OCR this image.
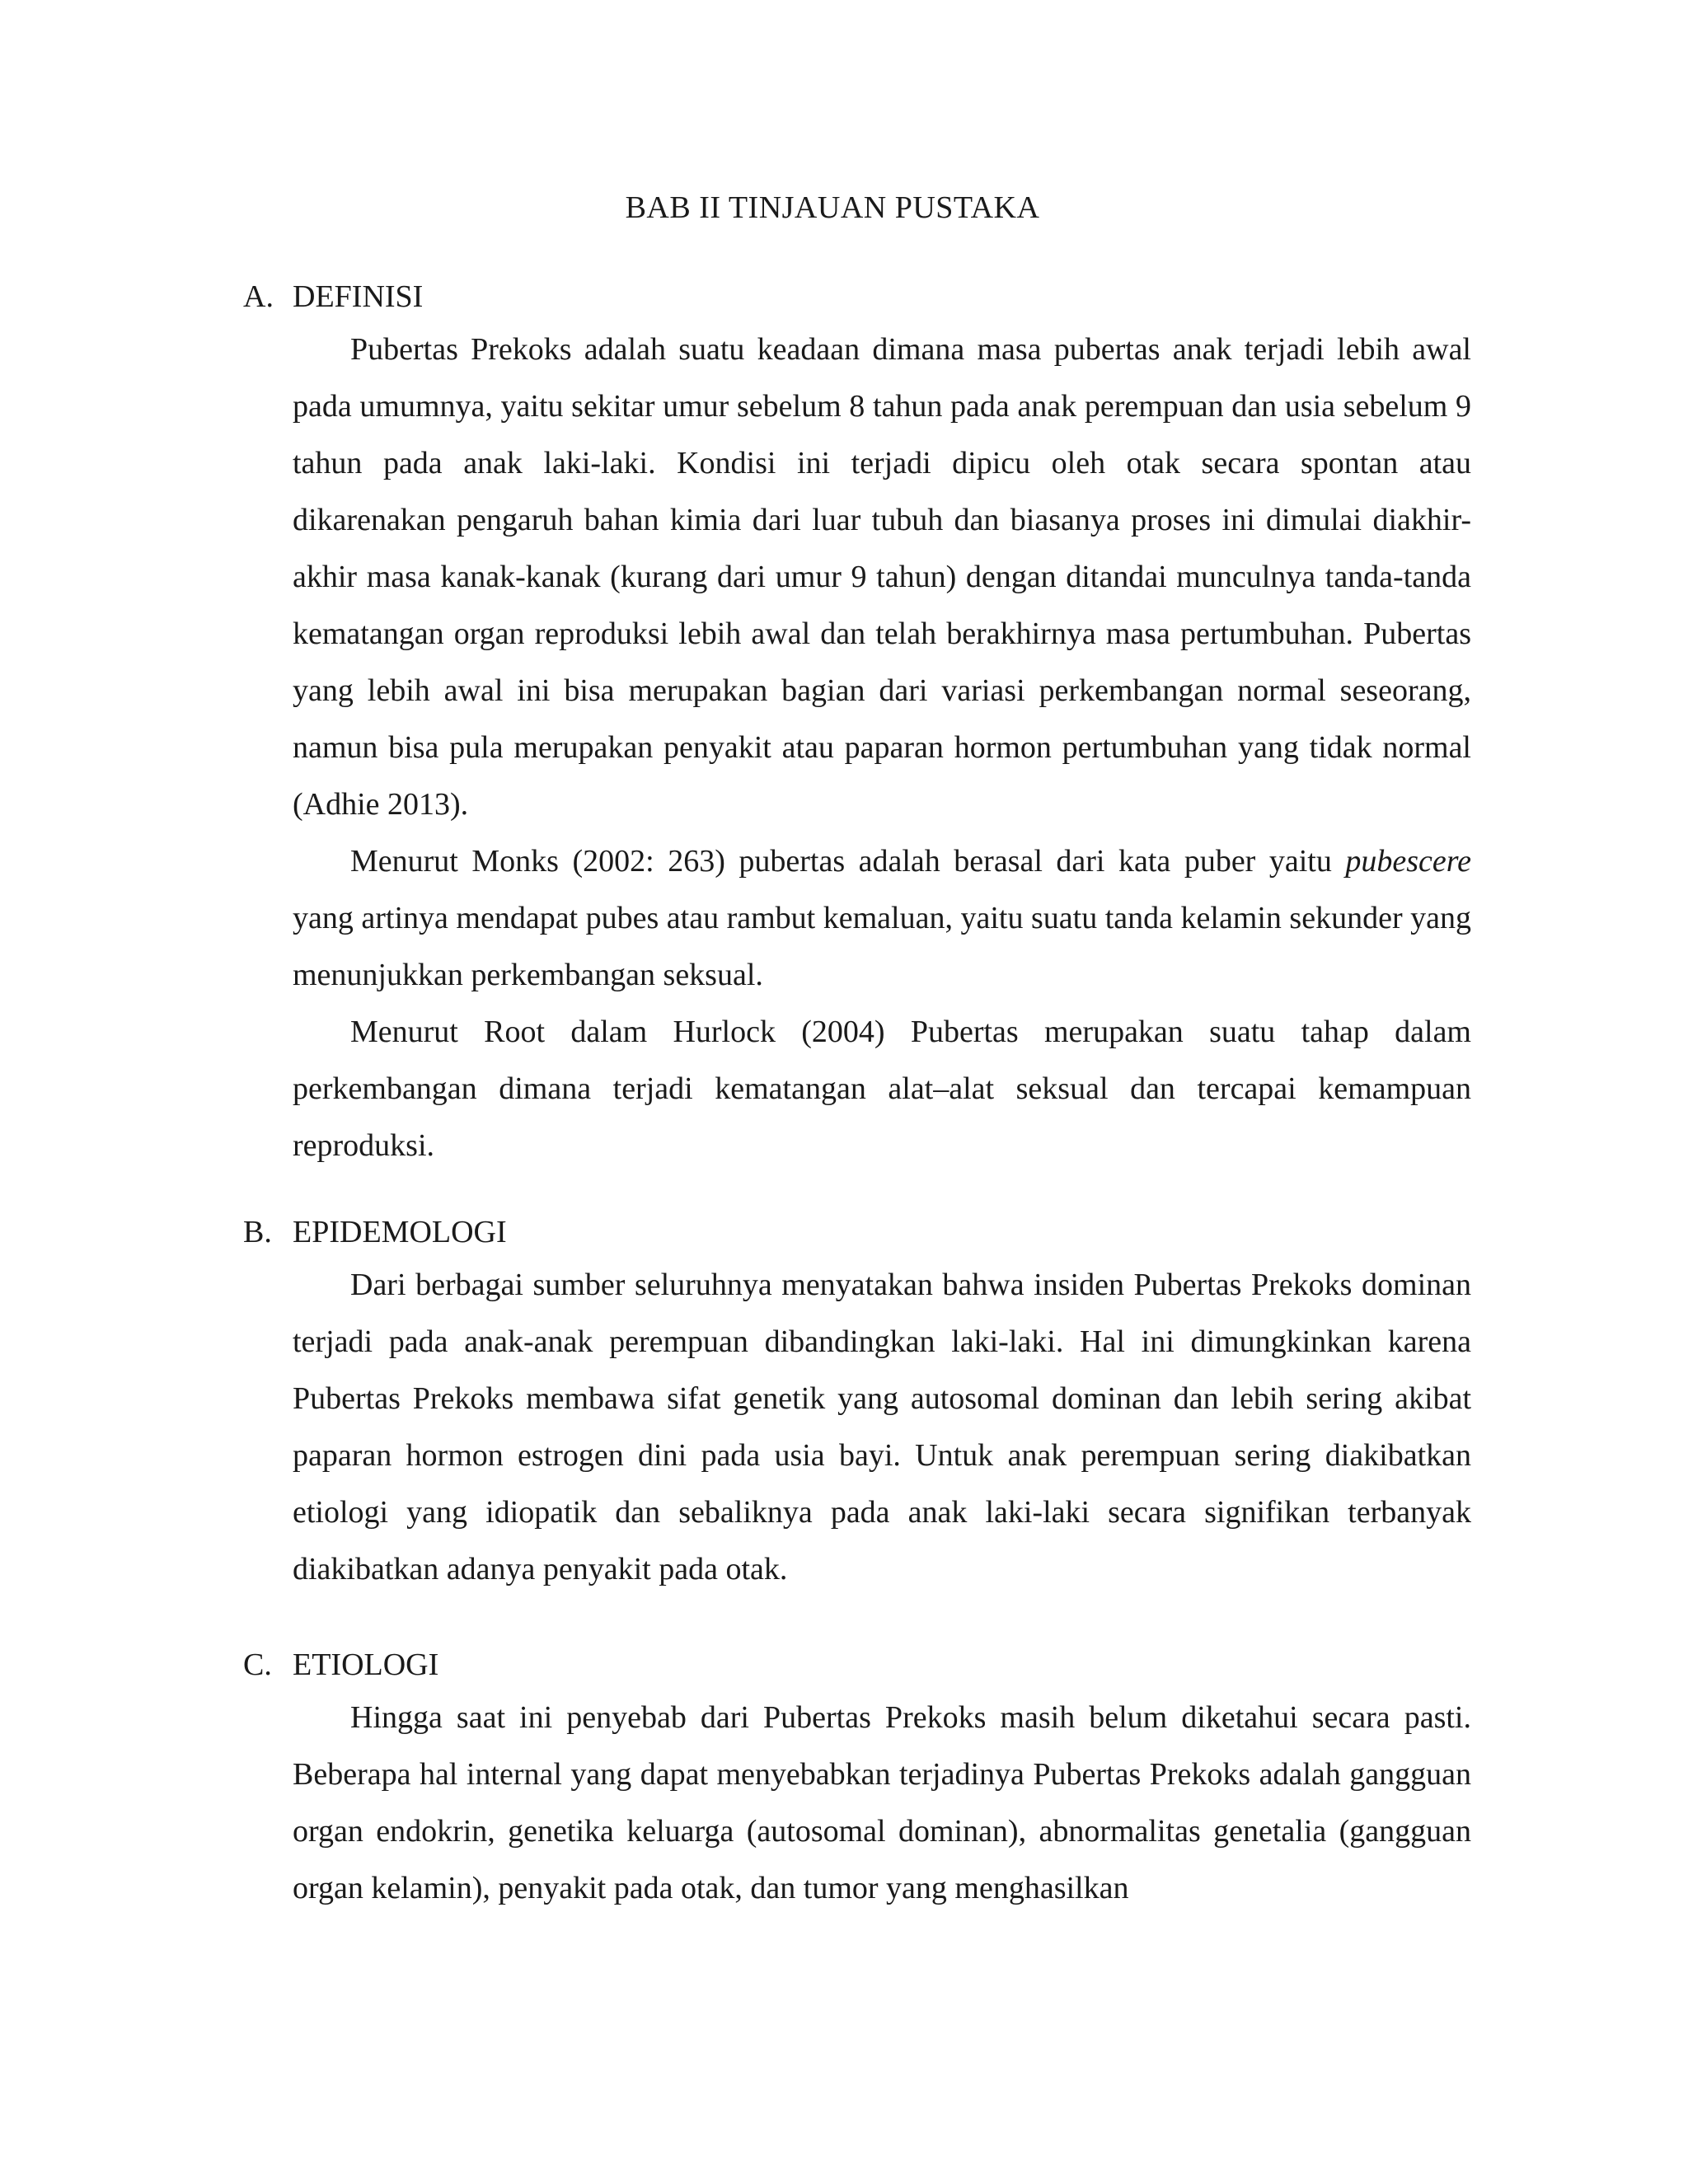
BAB II TINJAUAN PUSTAKA
A. DEFINISI

Pubertas Prekoks adalah suatu keadaan dimana masa pubertas anak terjadi lebih awal pada umumnya, yaitu sekitar umur sebelum 8 tahun pada anak perempuan dan usia sebelum 9 tahun pada anak laki-laki. Kondisi ini terjadi dipicu oleh otak secara spontan atau dikarenakan pengaruh bahan kimia dari luar tubuh dan biasanya proses ini dimulai diakhir-akhir masa kanak-kanak (kurang dari umur 9 tahun) dengan ditandai munculnya tanda-tanda kematangan organ reproduksi lebih awal dan telah berakhirnya masa pertumbuhan. Pubertas yang lebih awal ini bisa merupakan bagian dari variasi perkembangan normal seseorang, namun bisa pula merupakan penyakit atau paparan hormon pertumbuhan yang tidak normal (Adhie 2013).

Menurut Monks (2002: 263) pubertas adalah berasal dari kata puber yaitu pubescere yang artinya mendapat pubes atau rambut kemaluan, yaitu suatu tanda kelamin sekunder yang menunjukkan perkembangan seksual.

Menurut Root dalam Hurlock (2004) Pubertas merupakan suatu tahap dalam perkembangan dimana terjadi kematangan alat–alat seksual dan tercapai kemampuan reproduksi.

B. EPIDEMOLOGI

Dari berbagai sumber seluruhnya menyatakan bahwa insiden Pubertas Prekoks dominan terjadi pada anak-anak perempuan dibandingkan laki-laki. Hal ini dimungkinkan karena Pubertas Prekoks membawa sifat genetik yang autosomal dominan dan lebih sering akibat paparan hormon estrogen dini pada usia bayi. Untuk anak perempuan sering diakibatkan etiologi yang idiopatik dan sebaliknya pada anak laki-laki secara signifikan terbanyak diakibatkan adanya penyakit pada otak.

C. ETIOLOGI

Hingga saat ini penyebab dari Pubertas Prekoks masih belum diketahui secara pasti. Beberapa hal internal yang dapat menyebabkan terjadinya Pubertas Prekoks adalah gangguan organ endokrin, genetika keluarga (autosomal dominan), abnormalitas genetalia (gangguan organ kelamin), penyakit pada otak, dan tumor yang menghasilkan
